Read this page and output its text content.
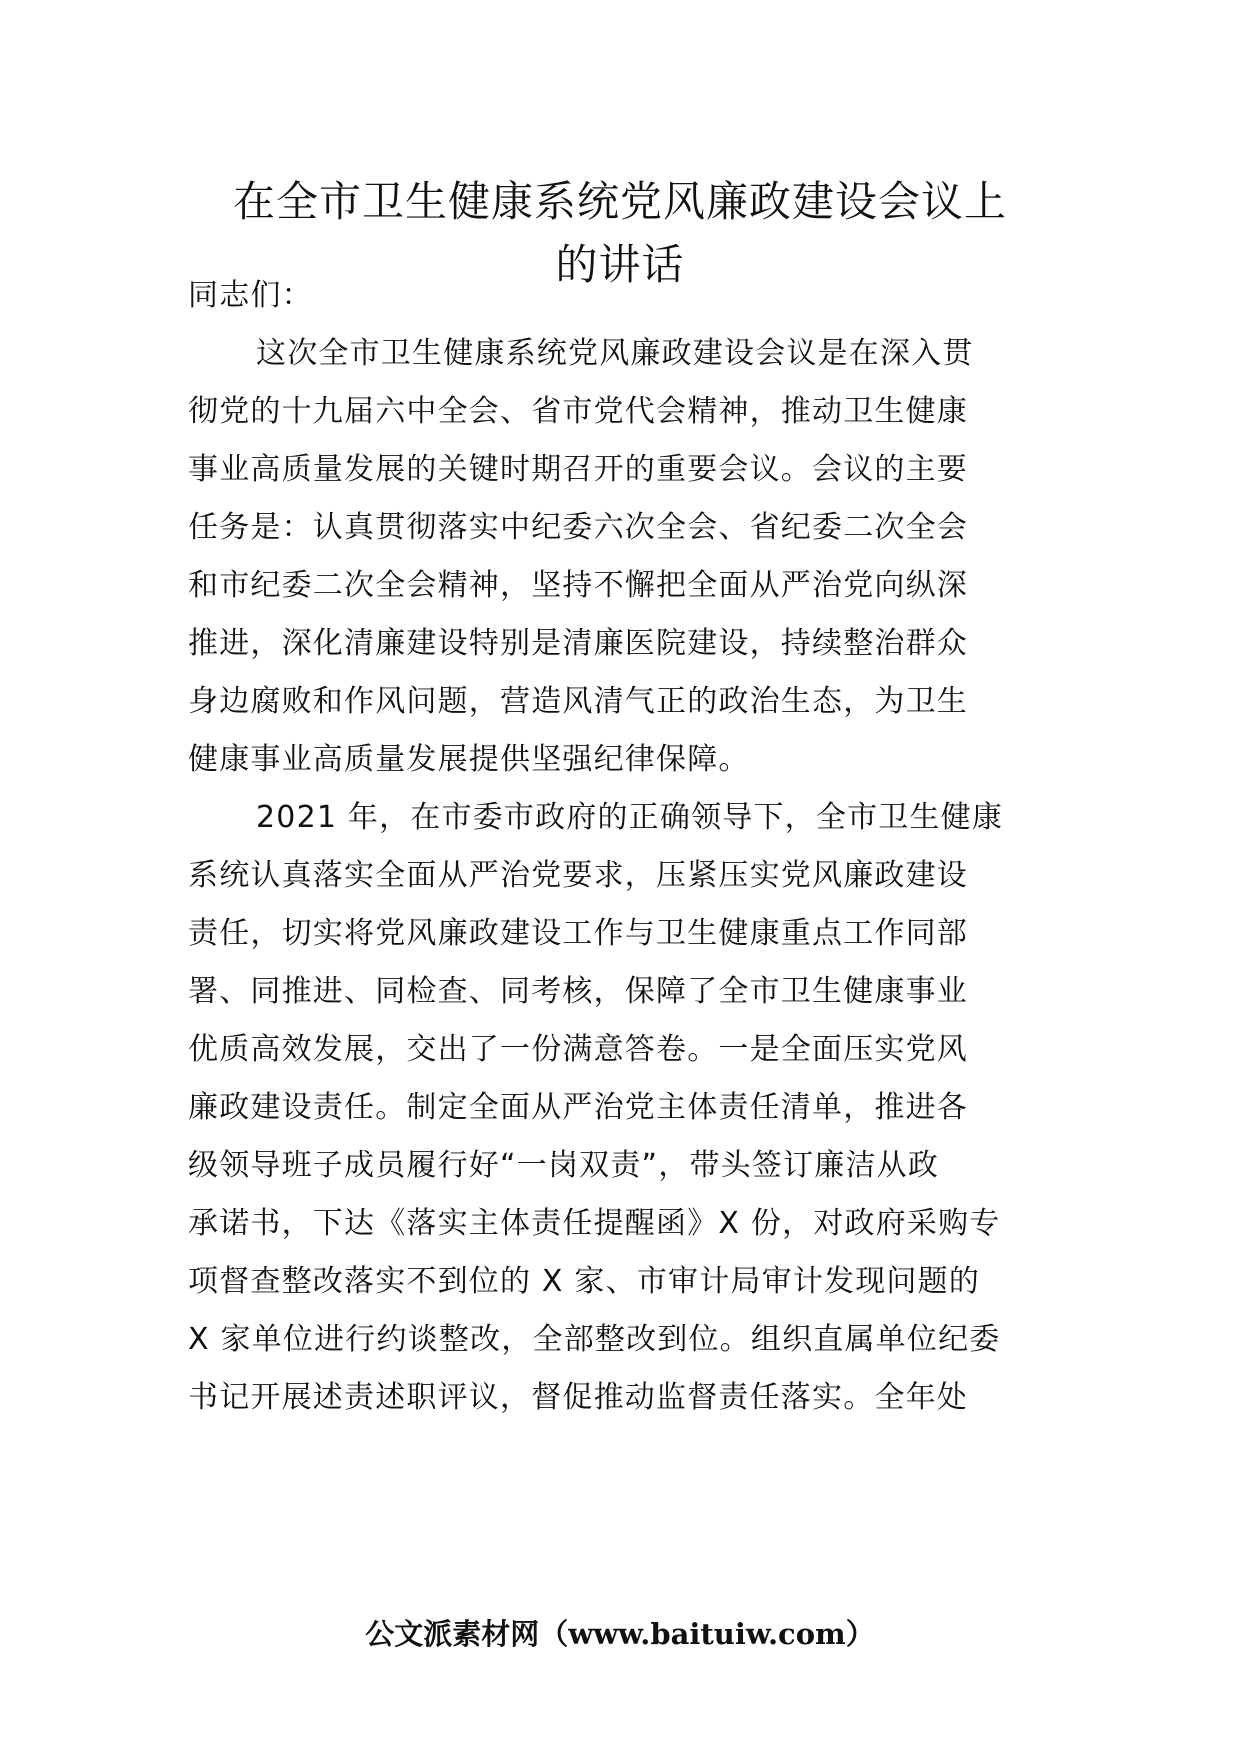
在全市卫生健康系统党风廉政建设会议上
的讲话
同志们：
这次全市卫生健康系统党风廉政建设会议是在深入贯
彻党的十九届六中全会、省市党代会精神，推动卫生健康
事业高质量发展的关键时期召开的重要会议。会议的主要
任务是：认真贯彻落实中纪委六次全会、省纪委二次全会
和市纪委二次全会精神，坚持不懈把全面从严治党向纵深
推进，深化清廉建设特别是清廉医院建设，持续整治群众
身边腐败和作风问题，营造风清气正的政治生态，为卫生
健康事业高质量发展提供坚强纪律保障。
2021 年，在市委市政府的正确领导下，全市卫生健康
系统认真落实全面从严治党要求，压紧压实党风廉政建设
责任，切实将党风廉政建设工作与卫生健康重点工作同部
署、同推进、同检查、同考核，保障了全市卫生健康事业
优质高效发展，交出了一份满意答卷。一是全面压实党风
廉政建设责任。制定全面从严治党主体责任清单，推进各
级领导班子成员履行好“一岗双责”，带头签订廉洁从政
承诺书，下达《落实主体责任提醒函》X 份，对政府采购专
项督查整改落实不到位的 X 家、市审计局审计发现问题的
X 家单位进行约谈整改，全部整改到位。组织直属单位纪委
书记开展述责述职评议，督促推动监督责任落实。全年处
公文派素材网（www.baituiw.com）
